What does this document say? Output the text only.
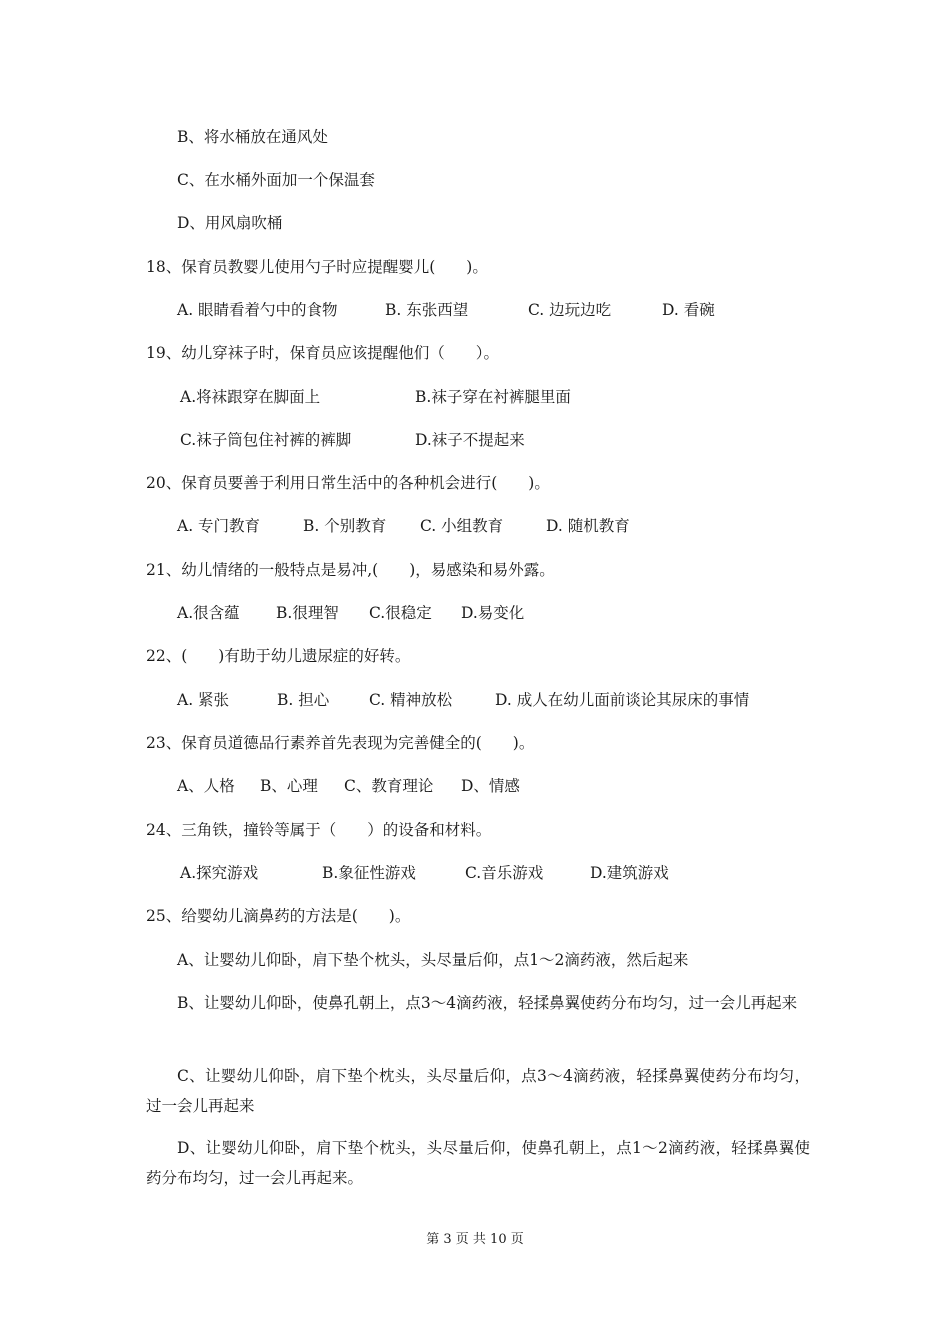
B、将水桶放在通风处
C、在水桶外面加一个保温套
D、用风扇吹桶
18、保育员教婴儿使用勺子时应提醒婴儿(　　)。
A. 眼睛看着勺中的食物	B. 东张西望	C. 边玩边吃	D. 看碗
19、幼儿穿袜子时，保育员应该提醒他们（　　）。
A.将袜跟穿在脚面上	B.袜子穿在衬裤腿里面
C.袜子筒包住衬裤的裤脚	D.袜子不提起来
20、保育员要善于利用日常生活中的各种机会进行(　　)。
A. 专门教育	B. 个别教育 C. 小组教育	D. 随机教育
21、幼儿情绪的一般特点是易冲,(　　)，易感染和易外露。
A.很含蕴 B.很理智 C.很稳定 D.易变化
22、(　　)有助于幼儿遗尿症的好转。
A. 紧张	B. 担心	C. 精神放松	D. 成人在幼儿面前谈论其尿床的事情
23、保育员道德品行素养首先表现为完善健全的(　　)。
A、人格 B、心理 C、教育理论 D、情感
24、三角铁，撞铃等属于（　　）的设备和材料。
A.探究游戏	B.象征性游戏	C.音乐游戏	D.建筑游戏
25、给婴幼儿滴鼻药的方法是(　　)。
A、让婴幼儿仰卧，肩下垫个枕头，头尽量后仰，点1～2滴药液，然后起来
B、让婴幼儿仰卧，使鼻孔朝上，点3～4滴药液，轻揉鼻翼使药分布均匀，过一会儿再起来
C、让婴幼儿仰卧，肩下垫个枕头，头尽量后仰，点3～4滴药液，轻揉鼻翼使药分布均匀，过一会儿再起来
D、让婴幼儿仰卧，肩下垫个枕头，头尽量后仰，使鼻孔朝上，点1～2滴药液，轻揉鼻翼使药分布均匀，过一会儿再起来。
第 3 页 共 10 页
